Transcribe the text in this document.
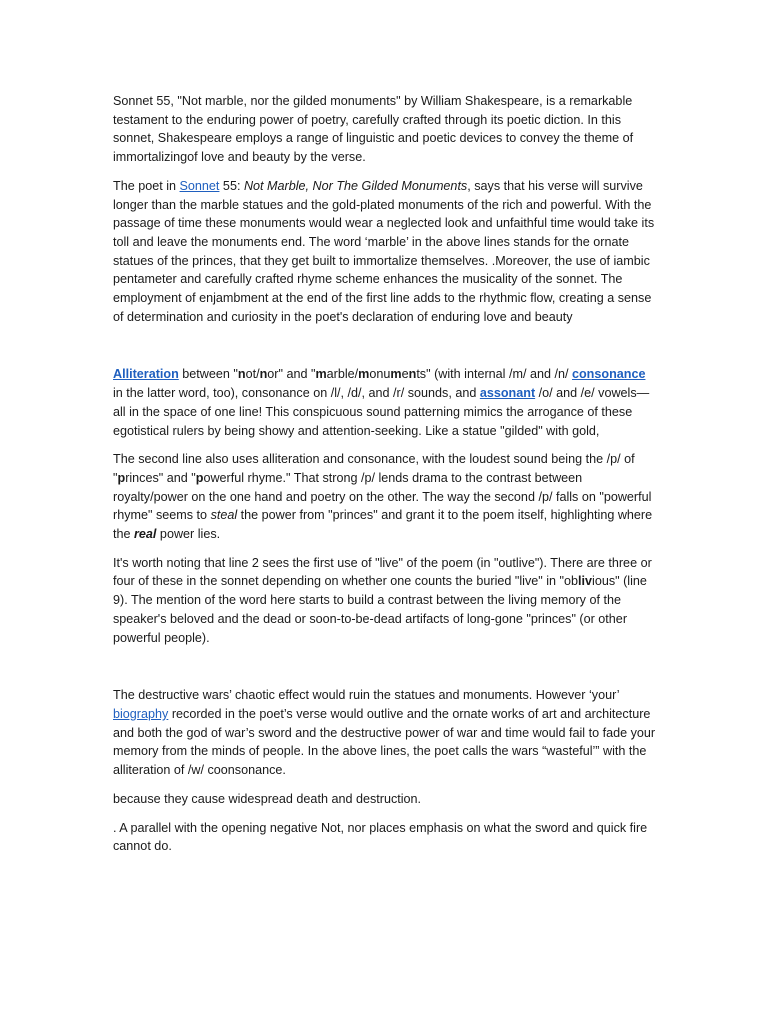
Sonnet 55, "Not marble, nor the gilded monuments" by William Shakespeare, is a remarkable testament to the enduring power of poetry, carefully crafted through its poetic diction. In this sonnet, Shakespeare employs a range of linguistic and poetic devices to convey the theme of immortalizingof love and beauty by the verse.

The poet in Sonnet 55: Not Marble, Nor The Gilded Monuments, says that his verse will survive longer than the marble statues and the gold-plated monuments of the rich and powerful. With the passage of time these monuments would wear a neglected look and unfaithful time would take its toll and leave the monuments end. The word ‘marble’ in the above lines stands for the ornate statues of the princes, that they get built to immortalize themselves. .Moreover, the use of iambic pentameter and carefully crafted rhyme scheme enhances the musicality of the sonnet. The employment of enjambment at the end of the first line adds to the rhythmic flow, creating a sense of determination and curiosity in the poet's declaration of enduring love and beauty

Alliteration between "not/nor" and "marble/monuments" (with internal /m/ and /n/ consonance in the latter word, too), consonance on /l/, /d/, and /r/ sounds, and assonant /o/ and /e/ vowels—all in the space of one line! This conspicuous sound patterning mimics the arrogance of these egotistical rulers by being showy and attention-seeking. Like a statue "gilded" with gold,

The second line also uses alliteration and consonance, with the loudest sound being the /p/ of "princes" and "powerful rhyme." That strong /p/ lends drama to the contrast between royalty/power on the one hand and poetry on the other. The way the second /p/ falls on "powerful rhyme" seems to steal the power from "princes" and grant it to the poem itself, highlighting where the real power lies.

It's worth noting that line 2 sees the first use of "live" of the poem (in "outlive"). There are three or four of these in the sonnet depending on whether one counts the buried "live" in "oblivious" (line 9). The mention of the word here starts to build a contrast between the living memory of the speaker's beloved and the dead or soon-to-be-dead artifacts of long-gone "princes" (or other powerful people).

The destructive wars’ chaotic effect would ruin the statues and monuments. However ‘your’ biography recorded in the poet’s verse would outlive and the ornate works of art and architecture and both the god of war’s sword and the destructive power of war and time would fail to fade your memory from the minds of people. In the above lines, the poet calls the wars “wasteful’” with the alliteration of /w/ coonsonance.

because they cause widespread death and destruction.

. A parallel with the opening negative Not, nor places emphasis on what the sword and quick fire cannot do.
